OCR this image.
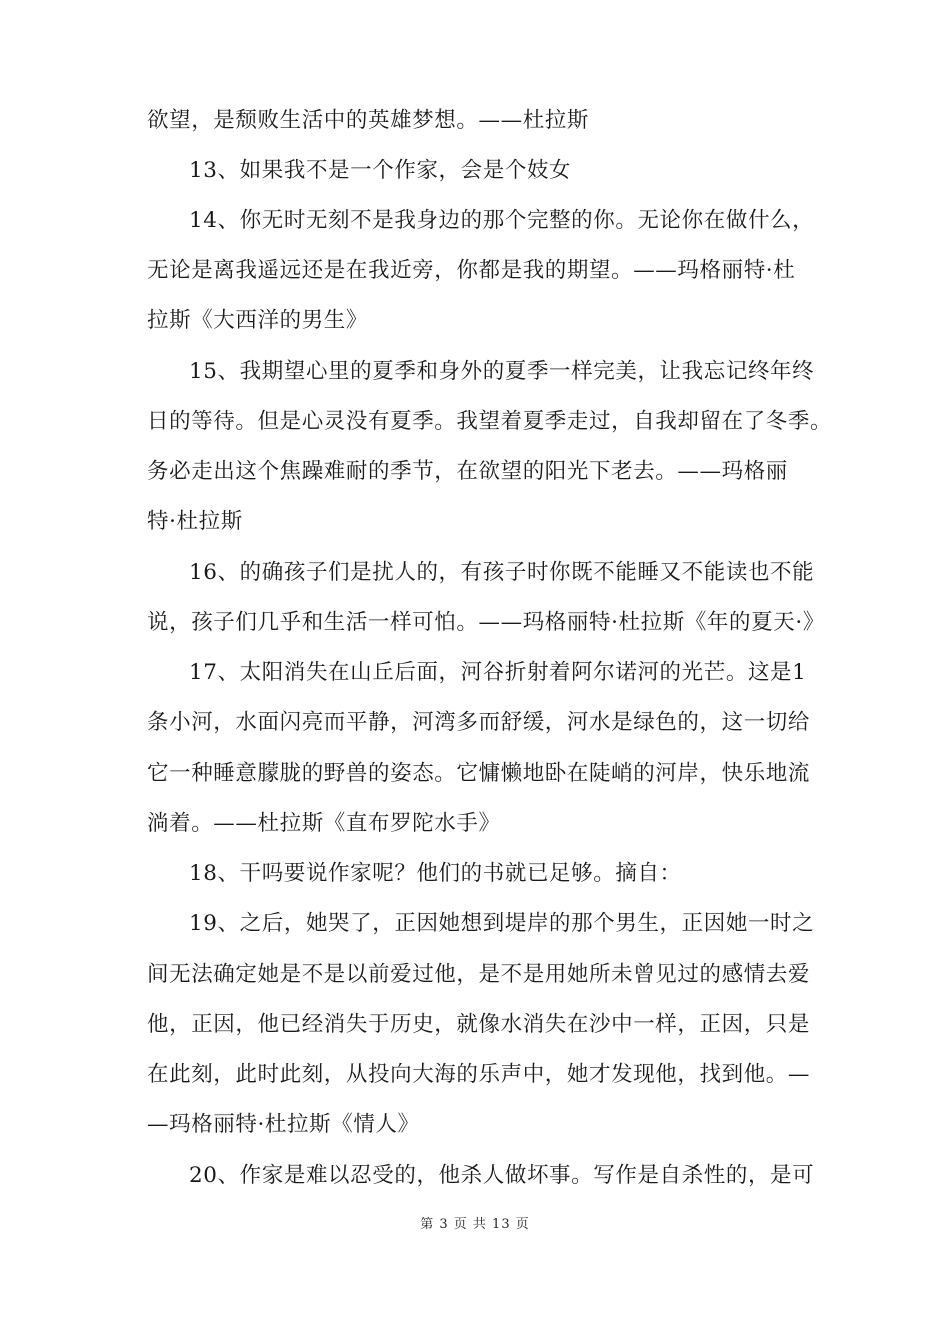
欲望，是颓败生活中的英雄梦想。——杜拉斯
13、如果我不是一个作家，会是个妓女
14、你无时无刻不是我身边的那个完整的你。无论你在做什么，
无论是离我遥远还是在我近旁，你都是我的期望。——玛格丽特·杜
拉斯《大西洋的男生》
15、我期望心里的夏季和身外的夏季一样完美，让我忘记终年终
日的等待。但是心灵没有夏季。我望着夏季走过，自我却留在了冬季。
务必走出这个焦躁难耐的季节，在欲望的阳光下老去。——玛格丽
特·杜拉斯
16、的确孩子们是扰人的，有孩子时你既不能睡又不能读也不能
说，孩子们几乎和生活一样可怕。——玛格丽特·杜拉斯《年的夏天·》
17、太阳消失在山丘后面，河谷折射着阿尔诺河的光芒。这是1
条小河，水面闪亮而平静，河湾多而舒缓，河水是绿色的，这一切给
它一种睡意朦胧的野兽的姿态。它慵懒地卧在陡峭的河岸，快乐地流
淌着。——杜拉斯《直布罗陀水手》
18、干吗要说作家呢？他们的书就已足够。摘自：
19、之后，她哭了，正因她想到堤岸的那个男生，正因她一时之
间无法确定她是不是以前爱过他，是不是用她所未曾见过的感情去爱
他，正因，他已经消失于历史，就像水消失在沙中一样，正因，只是
在此刻，此时此刻，从投向大海的乐声中，她才发现他，找到他。—
—玛格丽特·杜拉斯《情人》
20、作家是难以忍受的，他杀人做坏事。写作是自杀性的，是可
第 3 页 共 13 页
